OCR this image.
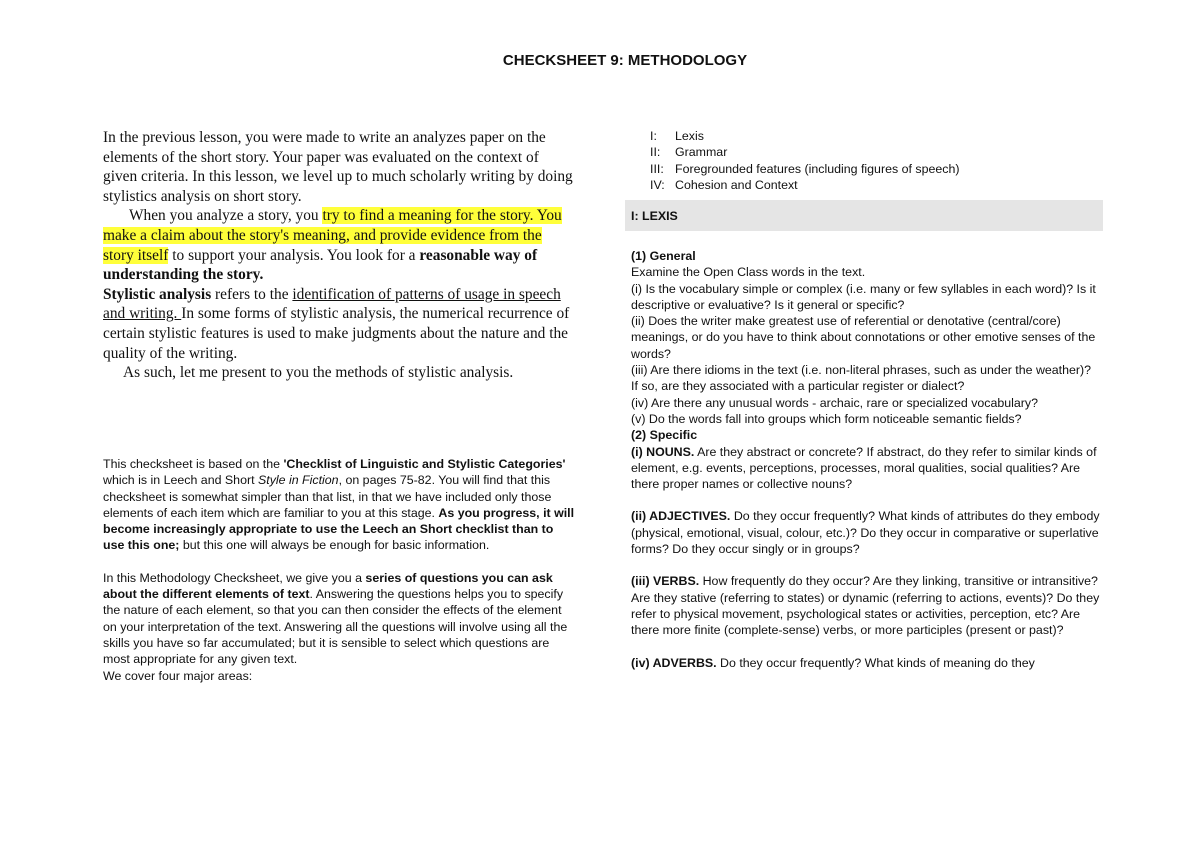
CHECKSHEET 9: METHODOLOGY

In the previous lesson, you were made to write an analyzes paper on the elements of the short story. Your paper was evaluated on the context of given criteria. In this lesson, we level up to much scholarly writing by doing stylistics analysis on short story.

When you analyze a story, you try to find a meaning for the story. You make a claim about the story's meaning, and provide evidence from the story itself to support your analysis. You look for a reasonable way of understanding the story.

Stylistic analysis refers to the identification of patterns of usage in speech and writing. In some forms of stylistic analysis, the numerical recurrence of certain stylistic features is used to make judgments about the nature and the quality of the writing.

As such, let me present to you the methods of stylistic analysis.

This checksheet is based on the 'Checklist of Linguistic and Stylistic Categories' which is in Leech and Short Style in Fiction, on pages 75-82. You will find that this checksheet is somewhat simpler than that list, in that we have included only those elements of each item which are familiar to you at this stage. As you progress, it will become increasingly appropriate to use the Leech an Short checklist than to use this one; but this one will always be enough for basic information.

In this Methodology Checksheet, we give you a series of questions you can ask about the different elements of text. Answering the questions helps you to specify the nature of each element, so that you can then consider the effects of the element on your interpretation of the text. Answering all the questions will involve using all the skills you have so far accumulated; but it is sensible to select which questions are most appropriate for any given text.

We cover four major areas:

I: Lexis
II: Grammar
III: Foregrounded features (including figures of speech)
IV: Cohesion and Context
I: LEXIS

(1) General

Examine the Open Class words in the text.

(i) Is the vocabulary simple or complex (i.e. many or few syllables in each word)? Is it descriptive or evaluative? Is it general or specific?

(ii) Does the writer make greatest use of referential or denotative (central/core) meanings, or do you have to think about connotations or other emotive senses of the words?

(iii) Are there idioms in the text (i.e. non-literal phrases, such as under the weather)? If so, are they associated with a particular register or dialect?

(iv) Are there any unusual words - archaic, rare or specialized vocabulary?

(v) Do the words fall into groups which form noticeable semantic fields?

(2) Specific

(i) NOUNS. Are they abstract or concrete? If abstract, do they refer to similar kinds of element, e.g. events, perceptions, processes, moral qualities, social qualities? Are there proper names or collective nouns?

(ii) ADJECTIVES. Do they occur frequently? What kinds of attributes do they embody (physical, emotional, visual, colour, etc.)? Do they occur in comparative or superlative forms? Do they occur singly or in groups?

(iii) VERBS. How frequently do they occur? Are they linking, transitive or intransitive? Are they stative (referring to states) or dynamic (referring to actions, events)? Do they refer to physical movement, psychological states or activities, perception, etc? Are there more finite (complete-sense) verbs, or more participles (present or past)?

(iv) ADVERBS. Do they occur frequently? What kinds of meaning do they
